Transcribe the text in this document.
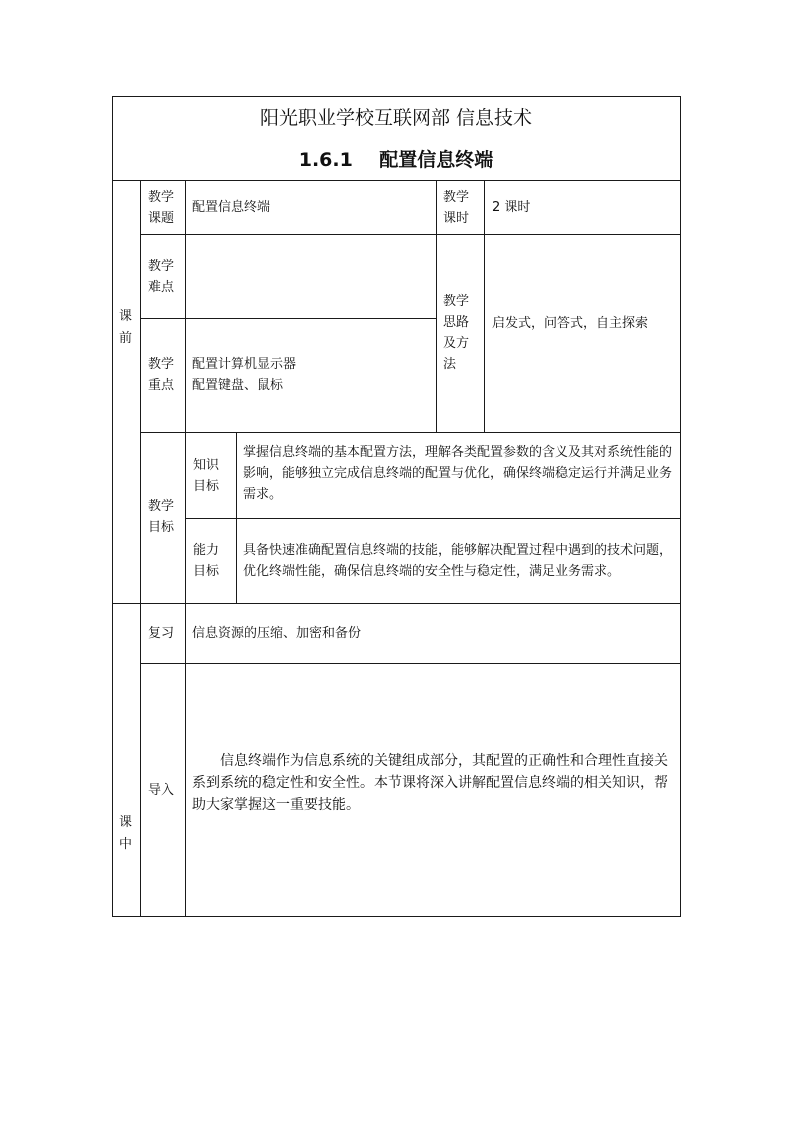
阳光职业学校互联网部 信息技术
1.6.1    配置信息终端
课
前
课
中
教学
课题
配置信息终端
教学
课时
2 课时
教学
难点
教学
思路
及方
法
启发式，问答式，自主探索
教学
重点
配置计算机显示器
配置键盘、鼠标
教学
目标
知识
目标
掌握信息终端的基本配置方法，理解各类配置参数的含义及其对系统性能的影响，能够独立完成信息终端的配置与优化，确保终端稳定运行并满足业务需求。
能力
目标
具备快速准确配置信息终端的技能，能够解决配置过程中遇到的技术问题，优化终端性能，确保信息终端的安全性与稳定性，满足业务需求。
复习 信息资源的压缩、加密和备份
导入
　　信息终端作为信息系统的关键组成部分，其配置的正确性和合理性直接关系到系统的稳定性和安全性。本节课将深入讲解配置信息终端的相关知识，帮助大家掌握这一重要技能。
